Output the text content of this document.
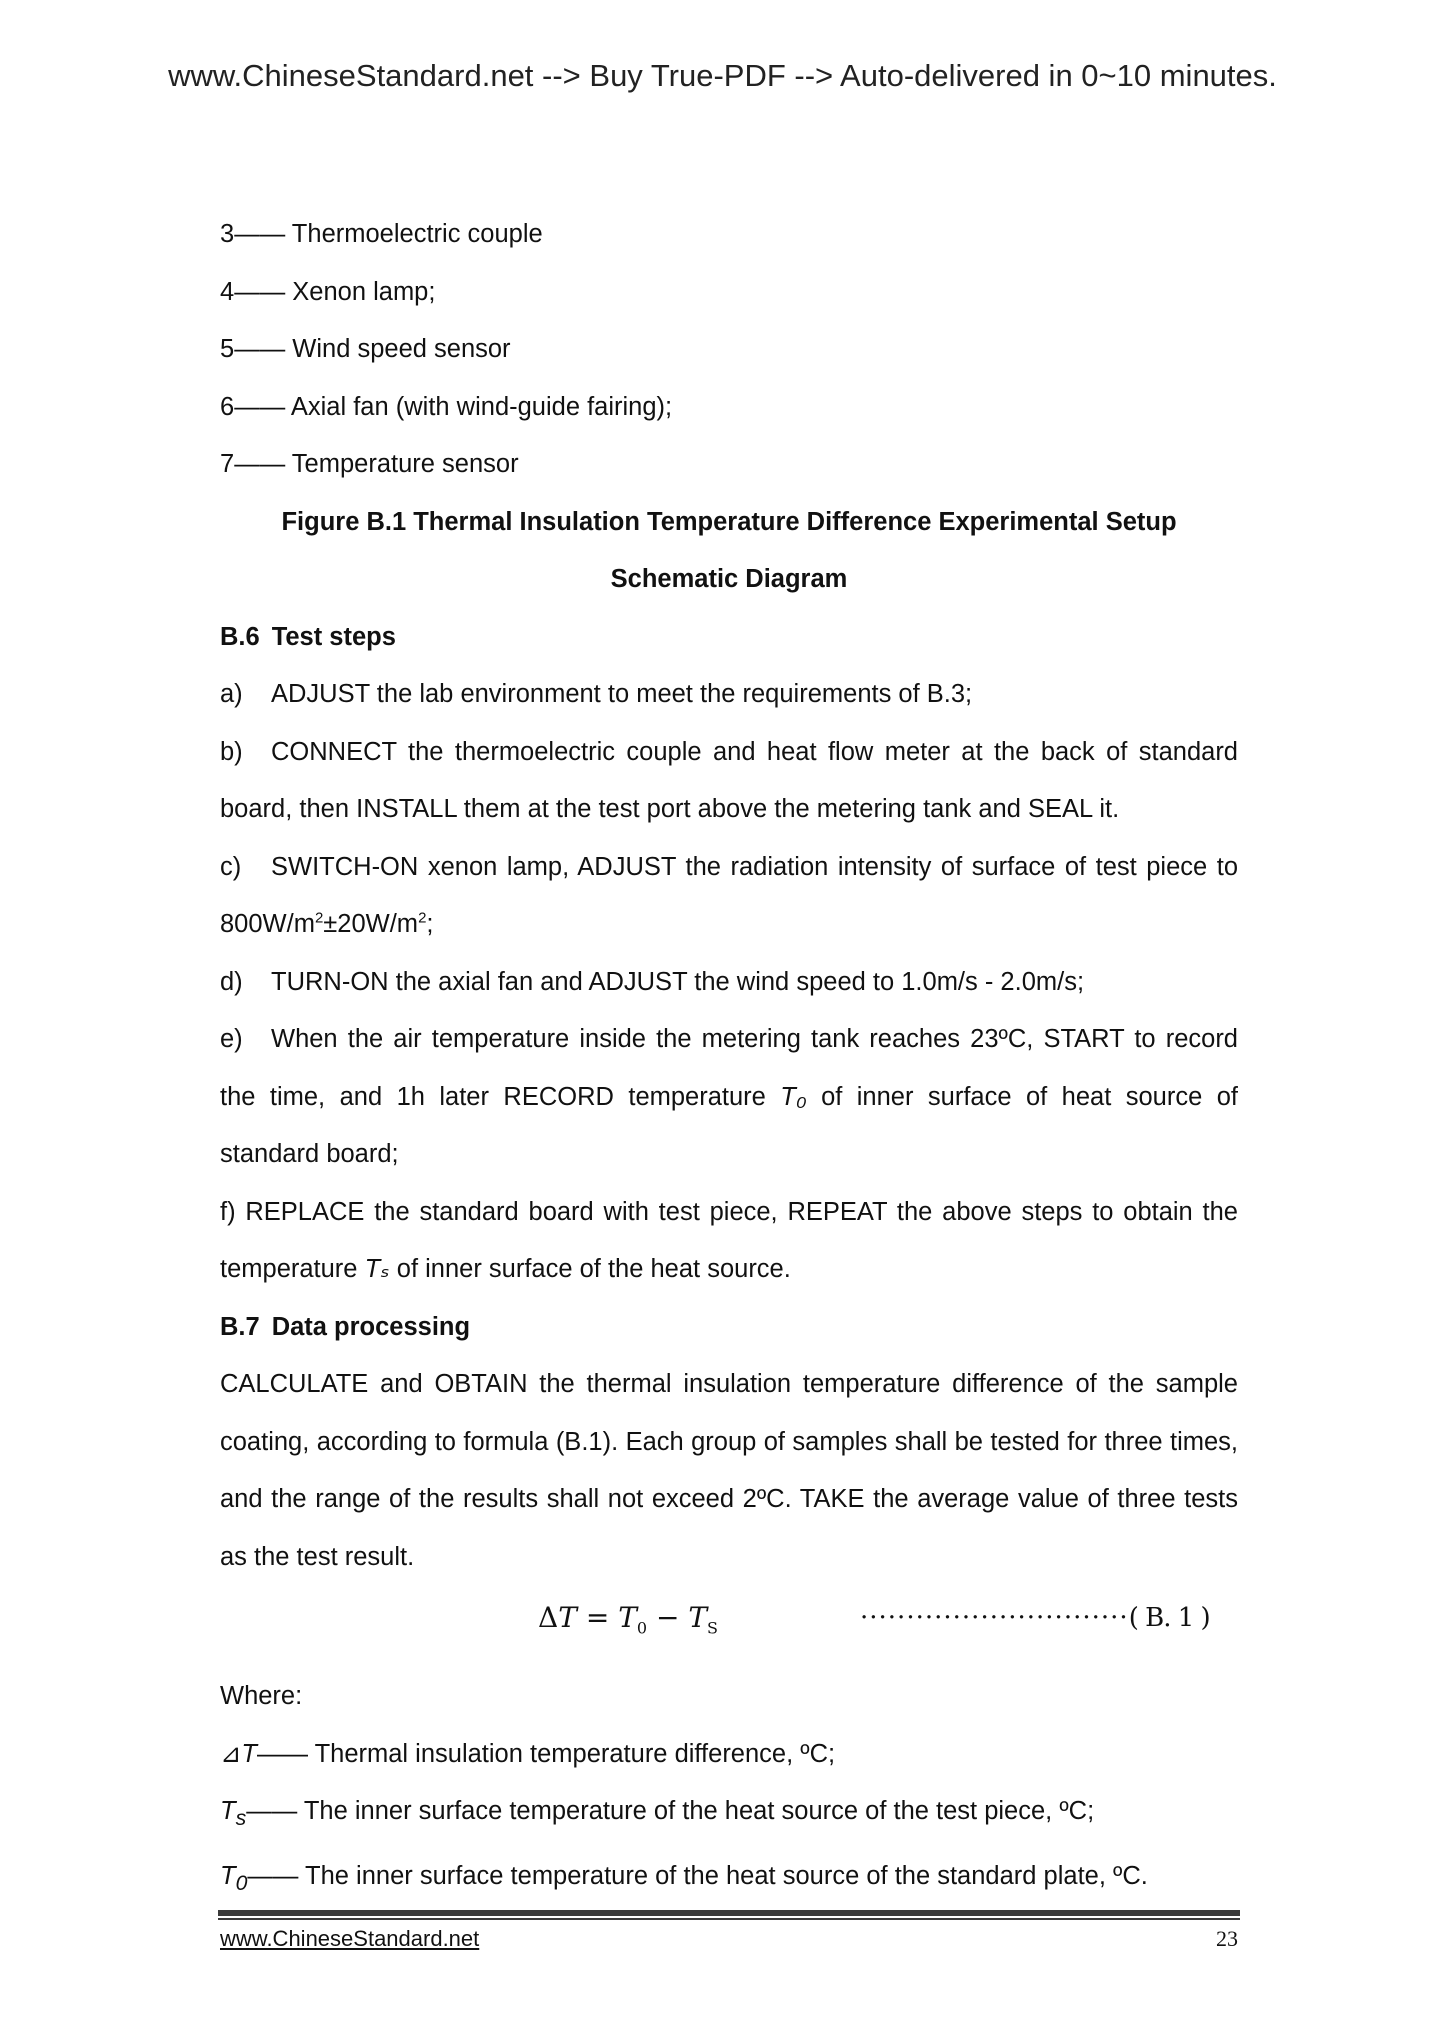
www.ChineseStandard.net --> Buy True-PDF --> Auto-delivered in 0~10 minutes.
3—— Thermoelectric couple
4—— Xenon lamp;
5—— Wind speed sensor
6—— Axial fan (with wind-guide fairing);
7—— Temperature sensor
Figure B.1 Thermal Insulation Temperature Difference Experimental Setup
Schematic Diagram
B.6 Test steps
a) ADJUST the lab environment to meet the requirements of B.3;
b) CONNECT the thermoelectric couple and heat flow meter at the back of standard
board, then INSTALL them at the test port above the metering tank and SEAL it.
c) SWITCH-ON xenon lamp, ADJUST the radiation intensity of surface of test piece to
$800W/m^2\pm 20W/m^2$;
d) TURN-ON the axial fan and ADJUST the wind speed to 1.0m/s - 2.0m/s;
e) When the air temperature inside the metering tank reaches 23ºC, START to record
the time, and 1h later RECORD temperature T₀ of inner surface of heat source of
standard board;
f) REPLACE the standard board with test piece, REPEAT the above steps to obtain the
temperature Tₛ of inner surface of the heat source.
B.7 Data processing
CALCULATE and OBTAIN the thermal insulation temperature difference of the sample
coating, according to formula (B.1). Each group of samples shall be tested for three times,
and the range of the results shall not exceed 2ºC. TAKE the average value of three tests
as the test result.
$\Delta T = T_0 - T_S$	·····························( B. 1 )
Where:
⊿T—— Thermal insulation temperature difference, ºC;
$T_s——$ The inner surface temperature of the heat source of the test piece, ºC;
$T_0——$ The inner surface temperature of the heat source of the standard plate, ºC.
www.ChineseStandard.net	23
